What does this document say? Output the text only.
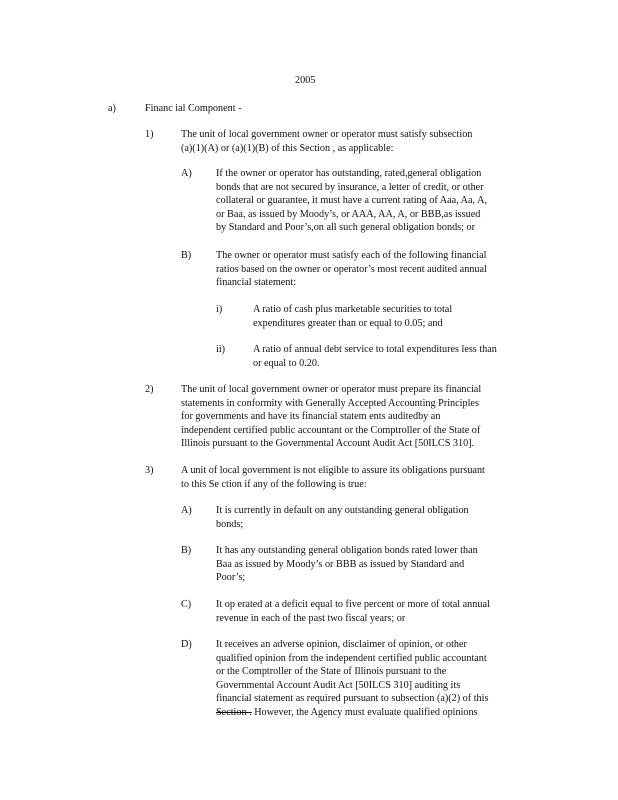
2005
a)	Financ ial Component -
1)	The unit of local government owner or operator must satisfy subsection
(a)(1)(A) or (a)(1)(B) of this Section , as applicable:
A) If the owner or operator has outstanding, rated,general obligation
bonds that are not secured by insurance, a letter of credit, or other
collateral or guarantee, it must have a current rating of Aaa, Aa, A,
or Baa, as issued by Moody’s, or AAA, AA, A, or BBB,as issued
by Standard and Poor’s,on all such general obligation bonds; or
B) The owner or operator must satisfy each of the following financial
ratios based on the owner or operator’s most recent audited annual
financial statement:
i)	A ratio of cash plus marketable securities to total
expenditures greater than or equal to 0.05; and
ii)	A ratio of annual debt service to total expenditures less than
or equal to 0.20.
2)	The unit of local government owner or operator must prepare its financial
statements in conformity with Generally Accepted Accounting Principles
for governments and have its financial statem ents auditedby an
independent certified public accountant or the Comptroller of the State of
Illinois pursuant to the Governmental Account Audit Act [50ILCS 310].
3)	A unit of local government is not eligible to assure its obligations pursuant
to this Se ction if any of the following is true:
A) It is currently in default on any outstanding general obligation
bonds;
B) It has any outstanding general obligation bonds rated lower than
Baa as issued by Moody’s or BBB as issued by Standard and
Poor’s;
C) It op erated at a deficit equal to five percent or more of total annual
revenue in each of the past two fiscal years; or
D) It receives an adverse opinion, disclaimer of opinion, or other
qualified opinion from the independent certified public accountant
or the Comptroller of the State of Illinois pursuant to the
Governmental Account Audit Act [50ILCS 310] auditing its
financial statement as required pursuant to subsection (a)(2) of this
Section . However, the Agency must evaluate qualified opinions
